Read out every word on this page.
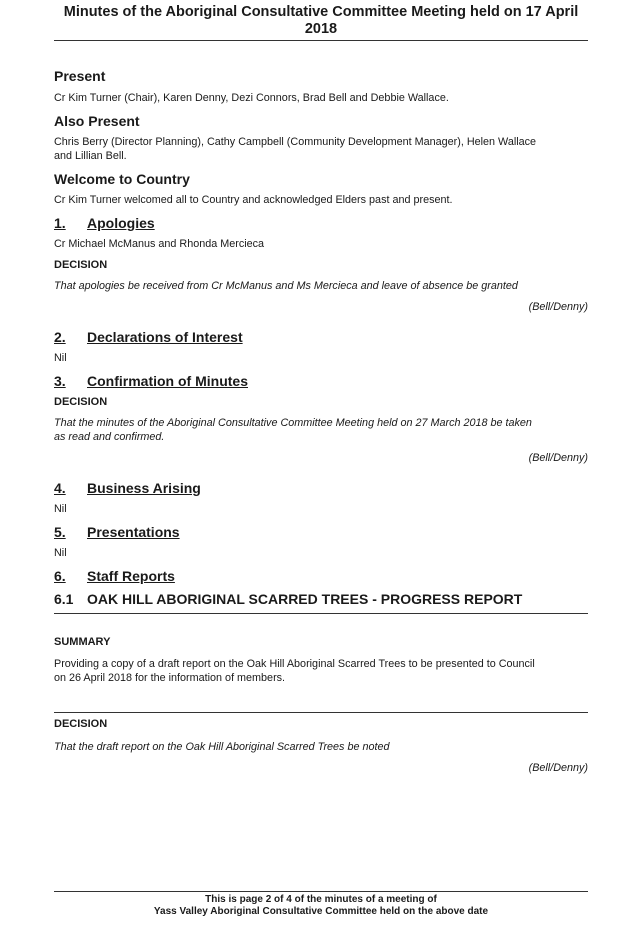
Minutes of the Aboriginal Consultative Committee Meeting held on 17 April
2018
Present
Cr Kim Turner (Chair), Karen Denny, Dezi Connors, Brad Bell and Debbie Wallace.
Also Present
Chris Berry (Director Planning), Cathy Campbell (Community Development Manager), Helen Wallace
and Lillian Bell.
Welcome to Country
Cr Kim Turner welcomed all to Country and acknowledged Elders past and present.
1. Apologies
Cr Michael McManus and Rhonda Mercieca
DECISION
That apologies be received from Cr McManus and Ms Mercieca and leave of absence be granted
(Bell/Denny)
2. Declarations of Interest
Nil
3. Confirmation of Minutes
DECISION
That the minutes of the Aboriginal Consultative Committee Meeting held on 27 March 2018 be taken
as read and confirmed.
(Bell/Denny)
4. Business Arising
Nil
5. Presentations
Nil
6. Staff Reports
6.1 OAK HILL ABORIGINAL SCARRED TREES - PROGRESS REPORT
SUMMARY
Providing a copy of a draft report on the Oak Hill Aboriginal Scarred Trees to be presented to Council
on 26 April 2018 for the information of members.
DECISION
That the draft report on the Oak Hill Aboriginal Scarred Trees be noted
(Bell/Denny)
This is page 2 of 4 of the minutes of a meeting of
Yass Valley Aboriginal Consultative Committee held on the above date
